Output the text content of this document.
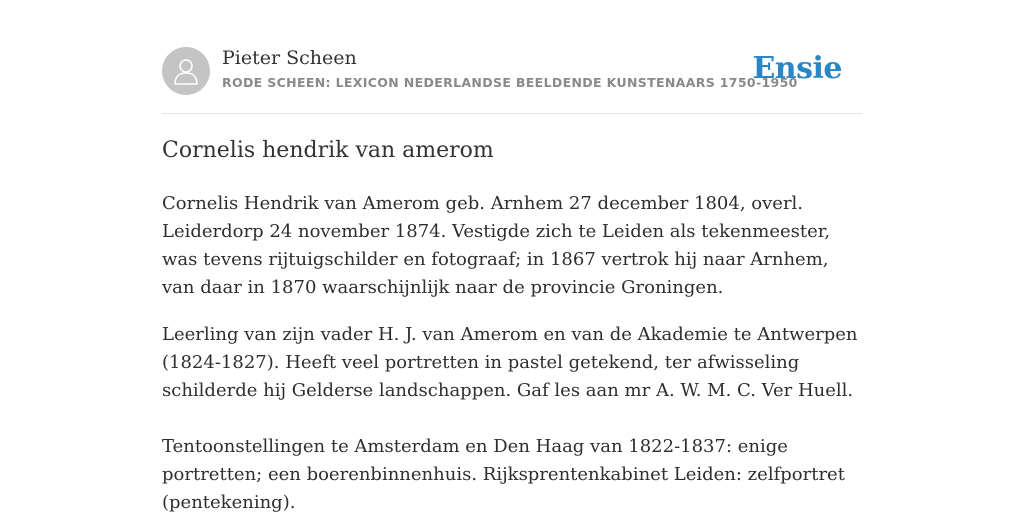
Pieter Scheen
RODE SCHEEN: LEXICON NEDERLANDSE BEELDENDE KUNSTENAARS 1750-1950
Ensie
Cornelis hendrik van amerom

Cornelis Hendrik van Amerom geb. Arnhem 27 december 1804, overl. Leiderdorp 24 november 1874. Vestigde zich te Leiden als tekenmeester, was tevens rijtuigschilder en fotograaf; in 1867 vertrok hij naar Arnhem, van daar in 1870 waarschijnlijk naar de provincie Groningen.

Leerling van zijn vader H. J. van Amerom en van de Akademie te Antwerpen (1824-1827). Heeft veel portretten in pastel getekend, ter afwisseling schilderde hij Gelderse landschappen. Gaf les aan mr A. W. M. C. Ver Huell.

Tentoonstellingen te Amsterdam en Den Haag van 1822-1837: enige portretten; een boerenbinnenhuis. Rijksprentenkabinet Leiden: zelfportret (pentekening).
